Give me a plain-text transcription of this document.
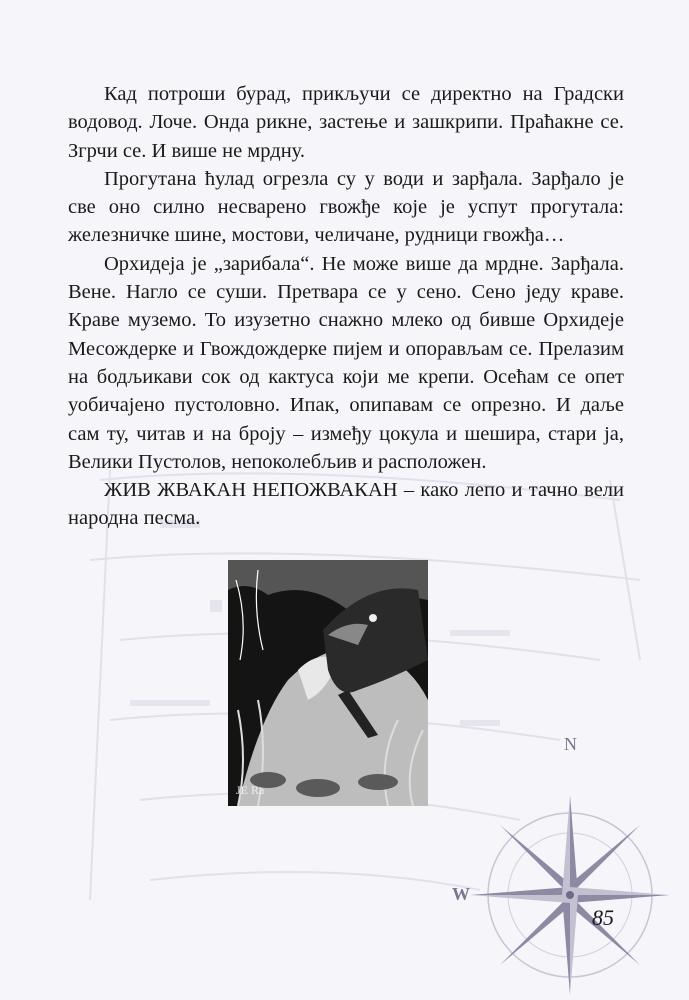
Кад потроши бурад, прикључи се директно на Градски водовод. Лоче. Онда рикне, застење и зашкрипи. Праћакне се. Згрчи се. И више не мрдну.

Прогутана ћулад огрезла су у води и зарђала. Зарђало је све оно силно несварено гвожђе које је успут прогутала: железничке шине, мостови, челичане, рудници гвожђа…

Орхидеја је „зарибала“. Не може више да мрдне. Зарђала. Вене. Нагло се суши. Претвара се у сено. Сено једу краве. Краве муземо. То изузетно снажно млеко од бивше Орхидеје Месождерке и Гвождождерке пијем и опорављам се. Прелазим на бодљикави сок од кактуса који ме крепи. Осећам се опет уобичајено пустоловно. Ипак, опипавам се опрезно. И даље сам ту, читав и на броју – између цокула и шешира, стари ја, Велики Пустолов, непоколебљив и расположен.

ЖИВ ЖВАКАН НЕПОЖВАКАН – како лепо и тачно вели народна песма.

ЈЕ Ra
N
W
85
